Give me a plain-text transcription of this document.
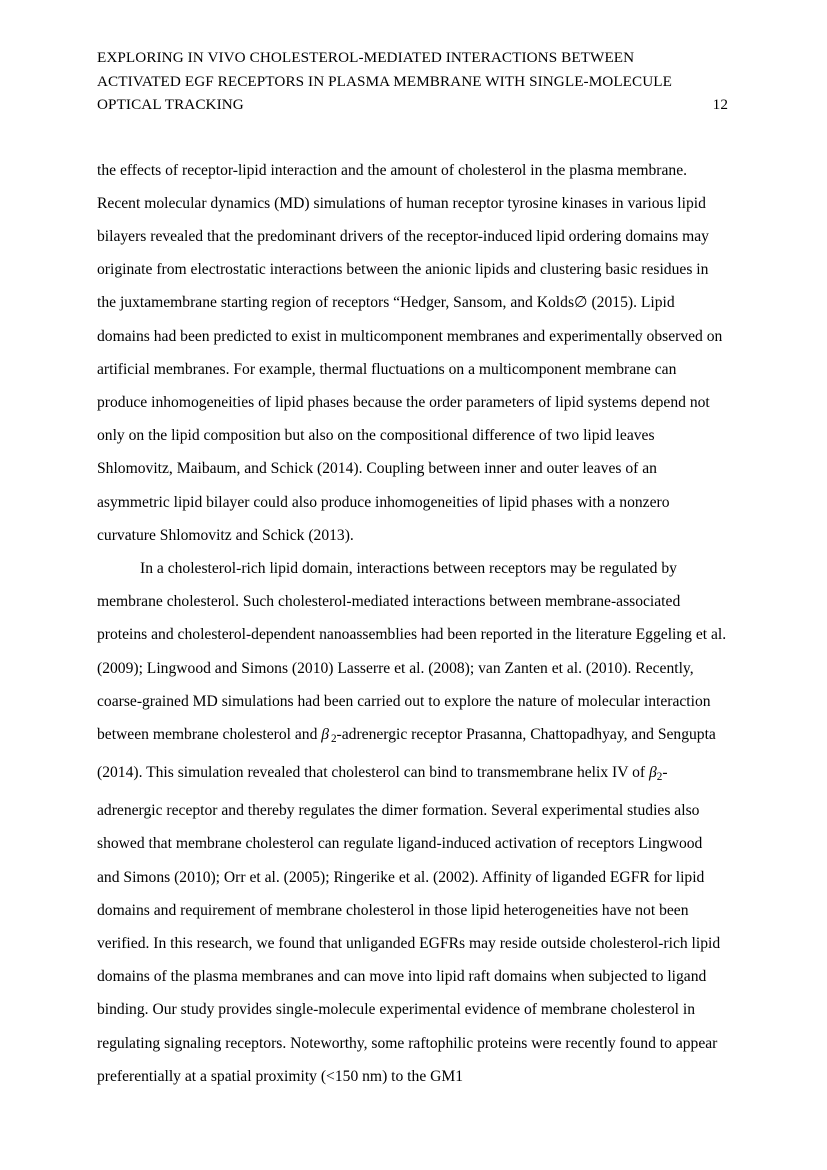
EXPLORING IN VIVO CHOLESTEROL-MEDIATED INTERACTIONS BETWEEN
ACTIVATED EGF RECEPTORS IN PLASMA MEMBRANE WITH SINGLE-MOLECULE
OPTICAL TRACKING	12

the effects of receptor-lipid interaction and the amount of cholesterol in the plasma membrane. Recent molecular dynamics (MD) simulations of human receptor tyrosine kinases in various lipid bilayers revealed that the predominant drivers of the receptor-induced lipid ordering domains may originate from electrostatic interactions between the anionic lipids and clustering basic residues in the juxtamembrane starting region of receptors “Hedger, Sansom, and Kolds∅ (2015). Lipid domains had been predicted to exist in multicomponent membranes and experimentally observed on artificial membranes. For example, thermal fluctuations on a multicomponent membrane can produce inhomogeneities of lipid phases because the order parameters of lipid systems depend not only on the lipid composition but also on the compositional difference of two lipid leaves Shlomovitz, Maibaum, and Schick (2014). Coupling between inner and outer leaves of an asymmetric lipid bilayer could also produce inhomogeneities of lipid phases with a nonzero curvature Shlomovitz and Schick (2013).

In a cholesterol-rich lipid domain, interactions between receptors may be regulated by membrane cholesterol. Such cholesterol-mediated interactions between membrane-associated proteins and cholesterol-dependent nanoassemblies had been reported in the literature Eggeling et al. (2009); Lingwood and Simons (2010) Lasserre et al. (2008); van Zanten et al. (2010). Recently, coarse-grained MD simulations had been carried out to explore the nature of molecular interaction between membrane cholesterol and $\beta_2$-adrenergic receptor Prasanna, Chattopadhyay, and Sengupta (2014). This simulation revealed that cholesterol can bind to transmembrane helix IV of $\beta_2$-adrenergic receptor and thereby regulates the dimer formation. Several experimental studies also showed that membrane cholesterol can regulate ligand-induced activation of receptors Lingwood and Simons (2010); Orr et al. (2005); Ringerike et al. (2002). Affinity of liganded EGFR for lipid domains and requirement of membrane cholesterol in those lipid heterogeneities have not been verified. In this research, we found that unliganded EGFRs may reside outside cholesterol-rich lipid domains of the plasma membranes and can move into lipid raft domains when subjected to ligand binding. Our study provides single-molecule experimental evidence of membrane cholesterol in regulating signaling receptors. Noteworthy, some raftophilic proteins were recently found to appear preferentially at a spatial proximity (<150 nm) to the GM1
